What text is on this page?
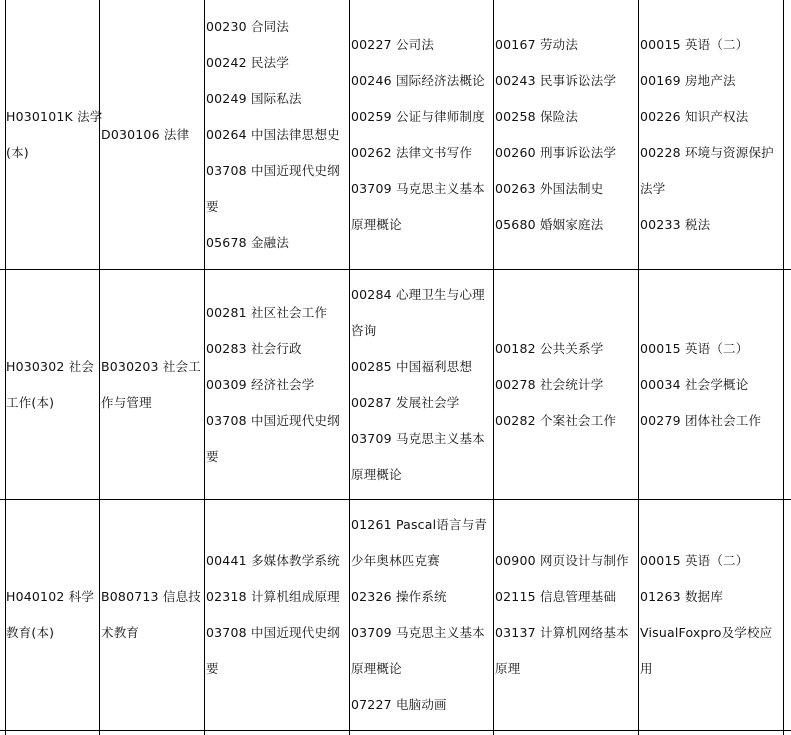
H030101K 法学
(本)
D030106 法律
00230 合同法
00242 民法学
00249 国际私法
00264 中国法律思想史
03708 中国近现代史纲
要
05678 金融法
00227 公司法
00246 国际经济法概论
00259 公证与律师制度
00262 法律文书写作
03709 马克思主义基本
原理概论
00167 劳动法
00243 民事诉讼法学
00258 保险法
00260 刑事诉讼法学
00263 外国法制史
05680 婚姻家庭法
00015 英语（二）
00169 房地产法
00226 知识产权法
00228 环境与资源保护
法学
00233 税法
H030302 社会
工作(本)
B030203 社会工
作与管理
00281 社区社会工作
00283 社会行政
00309 经济社会学
03708 中国近现代史纲
要
00284 心理卫生与心理
咨询
00285 中国福利思想
00287 发展社会学
03709 马克思主义基本
原理概论
00182 公共关系学
00278 社会统计学
00282 个案社会工作
00015 英语（二）
00034 社会学概论
00279 团体社会工作
H040102 科学
教育(本)
B080713 信息技
术教育
00441 多媒体教学系统
02318 计算机组成原理
03708 中国近现代史纲
要
01261 Pascal语言与青
少年奥林匹克赛
02326 操作系统
03709 马克思主义基本
原理概论
07227 电脑动画
00900 网页设计与制作
02115 信息管理基础
03137 计算机网络基本
原理
00015 英语（二）
01263 数据库
VisualFoxpro及学校应
用
